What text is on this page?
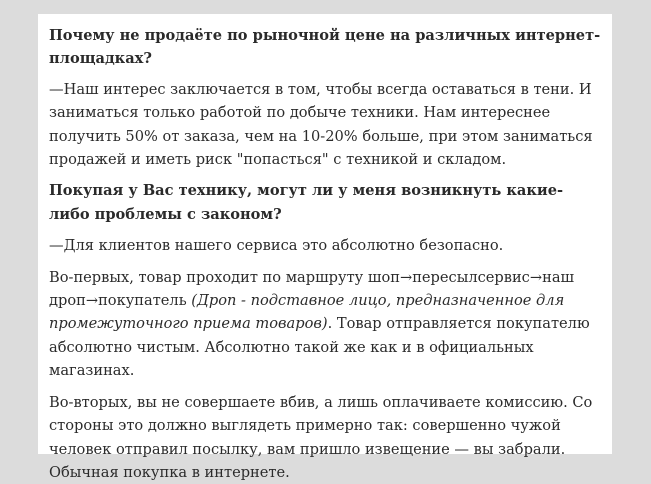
Почему не продаёте по рыночной цене на различных интернет-площадках?

—Наш интерес заключается в том, чтобы всегда оставаться в тени. И заниматься только работой по добыче техники. Нам интереснее получить 50% от заказа, чем на 10-20% больше, при этом заниматься продажей и иметь риск "попасться" с техникой и складом.

Покупая у Вас технику, могут ли у меня возникнуть какие-либо проблемы с законом?

—Для клиентов нашего сервиса это абсолютно безопасно.

Во-первых, товар проходит по маршруту шоп→пересылсервис→наш дроп→покупатель (Дроп - подставное лицо, предназначенное для промежуточного приема товаров). Товар отправляется покупателю абсолютно чистым. Абсолютно такой же как и в официальных магазинах.

Во-вторых, вы не совершаете вбив, а лишь оплачиваете комиссию. Со стороны это должно выглядеть примерно так: совершенно чужой человек отправил посылку, вам пришло извещение — вы забрали. Обычная покупка в интернете.
